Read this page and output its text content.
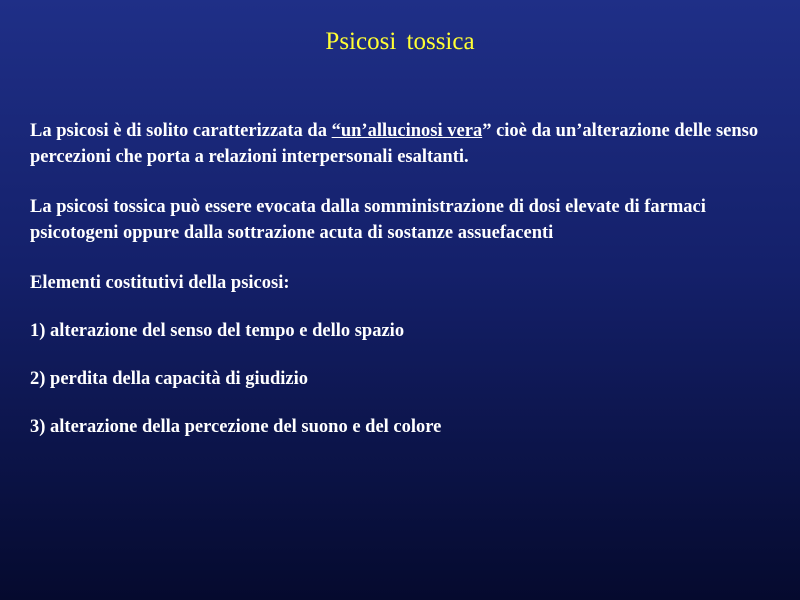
Psicosi tossica

La psicosi è di solito caratterizzata da “un’allucinosi vera” cioè da un’alterazione delle senso percezioni che porta a relazioni interpersonali esaltanti.

La psicosi tossica può essere evocata dalla somministrazione di dosi elevate di farmaci psicotogeni oppure dalla sottrazione acuta di sostanze assuefacenti

Elementi costitutivi della psicosi:

1) alterazione del senso del tempo e dello spazio

2) perdita della capacità di giudizio

3) alterazione della percezione del suono e del colore
